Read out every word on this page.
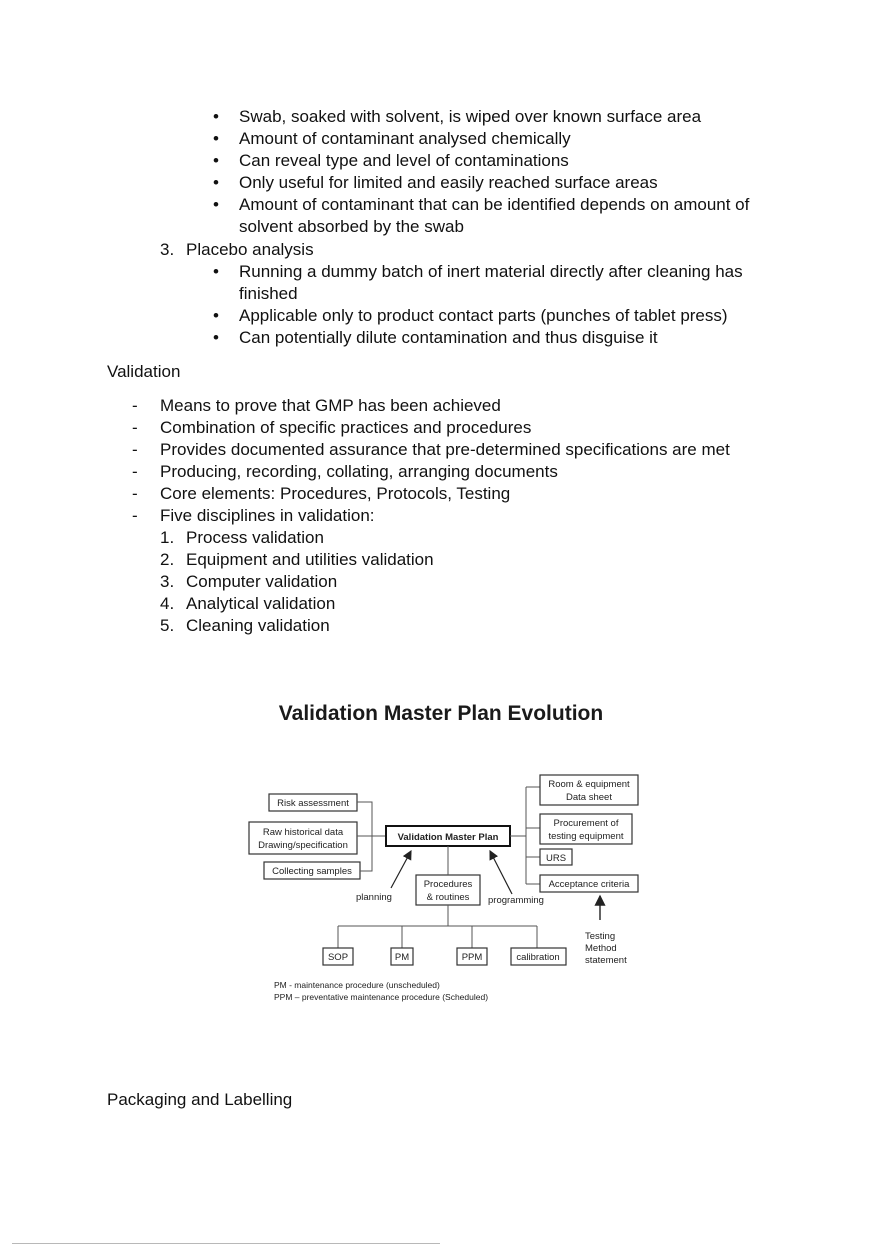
• Swab, soaked with solvent, is wiped over known surface area
• Amount of contaminant analysed chemically
• Can reveal type and level of contaminations
• Only useful for limited and easily reached surface areas
• Amount of contaminant that can be identified depends on amount of
solvent absorbed by the swab
3. Placebo analysis
• Running a dummy batch of inert material directly after cleaning has
finished
• Applicable only to product contact parts (punches of tablet press)
• Can potentially dilute contamination and thus disguise it
Validation
- Means to prove that GMP has been achieved
- Combination of specific practices and procedures
- Provides documented assurance that pre-determined specifications are met
- Producing, recording, collating, arranging documents
- Core elements: Procedures, Protocols, Testing
- Five disciplines in validation:
1. Process validation
2. Equipment and utilities validation
3. Computer validation
4. Analytical validation
5. Cleaning validation
Validation Master Plan Evolution
Risk assessment
Raw historical data
Drawing/specification
Collecting samples
Validation Master Plan
Room & equipment
Data sheet
Procurement of
testing equipment
URS
Acceptance criteria
Testing
Method
statement
Procedures
& routines
planning	programming
SOP	PM	PPM	calibration
PM - maintenance procedure (unscheduled)
PPM – preventative maintenance procedure (Scheduled)
Packaging and Labelling
